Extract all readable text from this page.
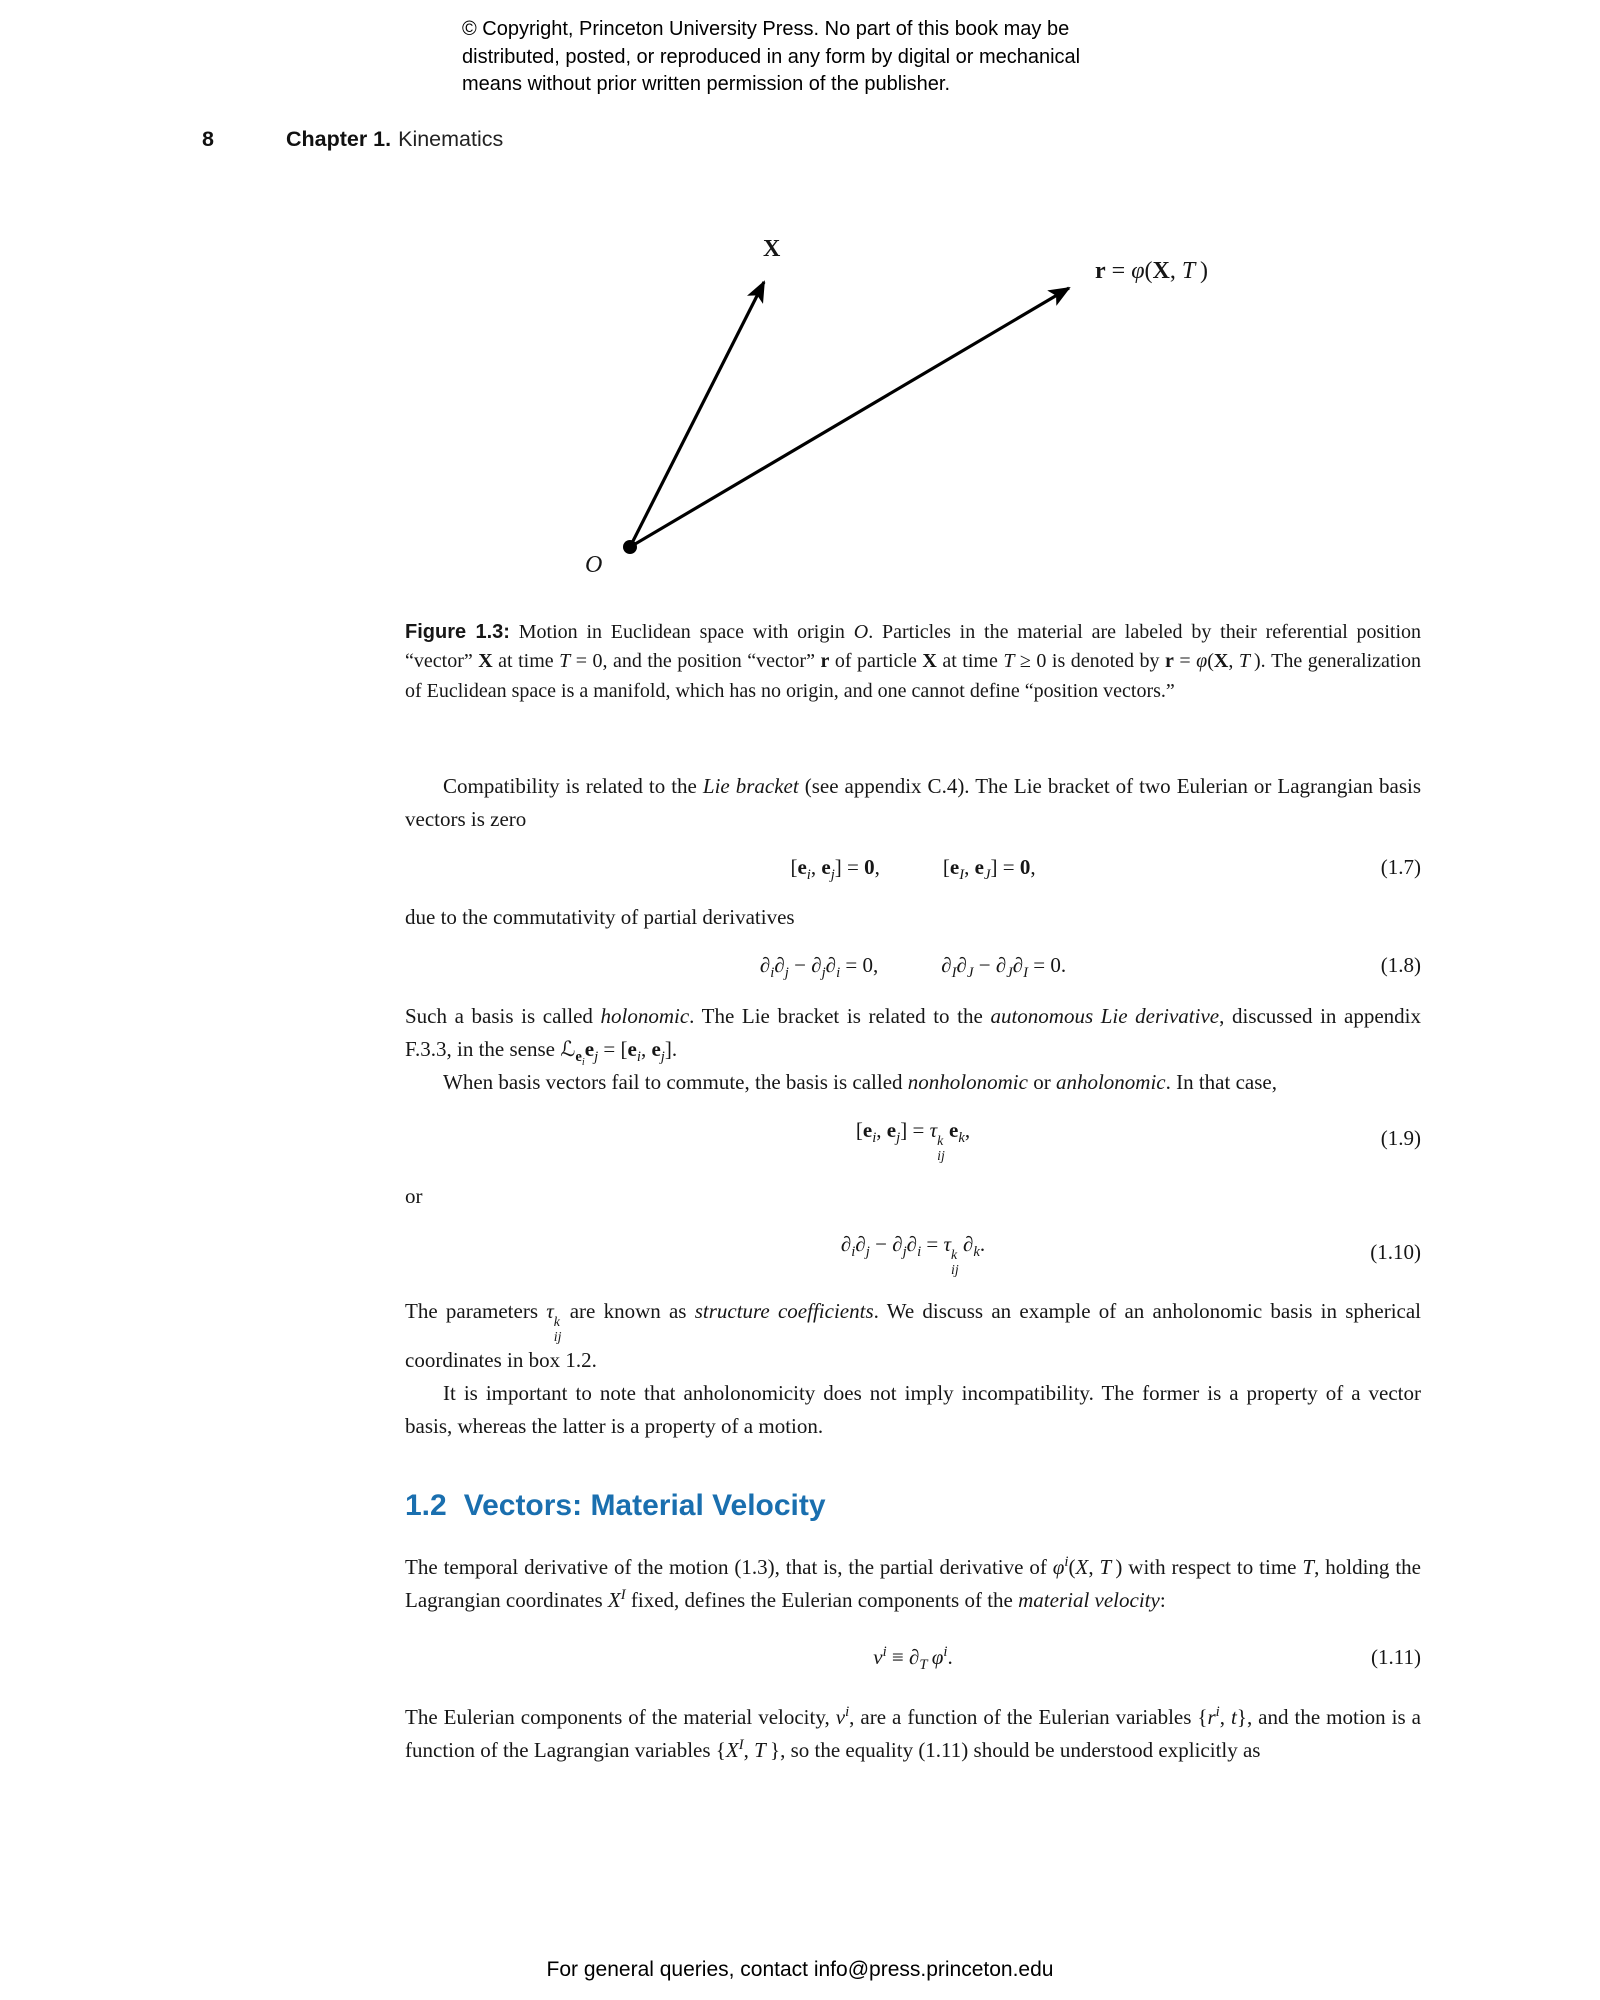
© Copyright, Princeton University Press. No part of this book may be
distributed, posted, or reproduced in any form by digital or mechanical
means without prior written permission of the publisher.
8	Chapter 1. Kinematics
X
r = φ(X, T )
O
Figure 1.3: Motion in Euclidean space with origin O. Particles in the material are labeled by their referential position “vector” X at time T = 0, and the position “vector” r of particle X at time T ≥ 0 is denoted by r = φ(X, T ). The generalization of Euclidean space is a manifold, which has no origin, and one cannot define “position vectors.”

Compatibility is related to the Lie bracket (see appendix C.4). The Lie bracket of two Eulerian or Lagrangian basis vectors is zero

[$e_i$, $e_j] = 0$,   [$e_I$, $e_J] = 0$,	(1.7)

due to the commutativity of partial derivatives

$\partial_i\partial_j - \partial_j\partial_i = 0$,   $\partial_I\partial_J - \partial_J\partial_I = 0$.	(1.8)

Such a basis is called holonomic. The Lie bracket is related to the autonomous Lie derivative, discussed in appendix F.3.3, in the sense $ℒ_{e_i}e_j = [e_i$, $e_j$].

When basis vectors fail to commute, the basis is called nonholonomic or anholonomic. In that case,

[$e_i$, $e_j] = \tau$ k
ij
 $e_k$,	(1.9)

or

$\partial_i\partial_j - \partial_j\partial_i = \tau$ k
ij
 $\partial_k$.	(1.10)

The parameters τ k
ij
are known as structure coefficients. We discuss an example of an anholonomic basis in spherical coordinates in box 1.2.

It is important to note that anholonomicity does not imply incompatibility. The former is a property of a vector basis, whereas the latter is a property of a motion.

1.2 Vectors: Material Velocity

The temporal derivative of the motion (1.3), that is, the partial derivative of $\varphi^i(X$, T ) with respect to time T, holding the Lagrangian coordinates $X^I$ fixed, defines the Eulerian components of the material velocity:

$v^i \equiv \partial_T$  $\varphi^i$.	(1.11)

The Eulerian components of the material velocity, $v^i$, are a function of the Eulerian variables {$r^i$, t}, and the motion is a function of the Lagrangian variables {$X^I$, T }, so the equality (1.11) should be understood explicitly as

For general queries, contact info@press.princeton.edu
